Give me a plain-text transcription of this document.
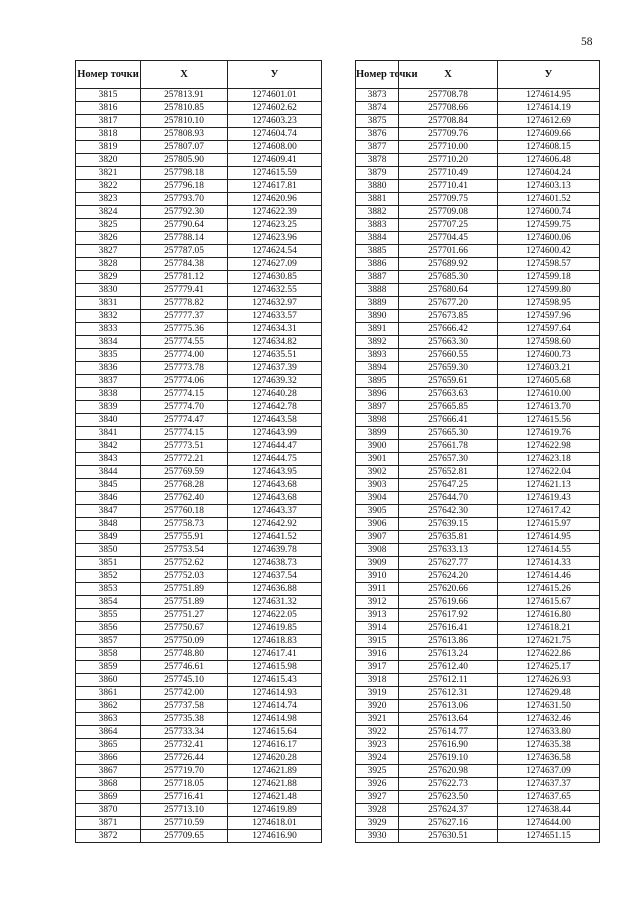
58
Номер точки	X	У
3815	257813.91	1274601.01
3816	257810.85	1274602.62
3817	257810.10	1274603.23
3818	257808.93	1274604.74
3819	257807.07	1274608.00
3820	257805.90	1274609.41
3821	257798.18	1274615.59
3822	257796.18	1274617.81
3823	257793.70	1274620.96
3824	257792.30	1274622.39
3825	257790.64	1274623.25
3826	257788.14	1274623.96
3827	257787.05	1274624.54
3828	257784.38	1274627.09
3829	257781.12	1274630.85
3830	257779.41	1274632.55
3831	257778.82	1274632.97
3832	257777.37	1274633.57
3833	257775.36	1274634.31
3834	257774.55	1274634.82
3835	257774.00	1274635.51
3836	257773.78	1274637.39
3837	257774.06	1274639.32
3838	257774.15	1274640.28
3839	257774.70	1274642.78
3840	257774.47	1274643.58
3841	257774.15	1274643.99
3842	257773.51	1274644.47
3843	257772.21	1274644.75
3844	257769.59	1274643.95
3845	257768.28	1274643.68
3846	257762.40	1274643.68
3847	257760.18	1274643.37
3848	257758.73	1274642.92
3849	257755.91	1274641.52
3850	257753.54	1274639.78
3851	257752.62	1274638.73
3852	257752.03	1274637.54
3853	257751.89	1274636.88
3854	257751.89	1274631.32
3855	257751.27	1274622.05
3856	257750.67	1274619.85
3857	257750.09	1274618.83
3858	257748.80	1274617.41
3859	257746.61	1274615.98
3860	257745.10	1274615.43
3861	257742.00	1274614.93
3862	257737.58	1274614.74
3863	257735.38	1274614.98
3864	257733.34	1274615.64
3865	257732.41	1274616.17
3866	257726.44	1274620.28
3867	257719.70	1274621.89
3868	257718.05	1274621.88
3869	257716.41	1274621.48
3870	257713.10	1274619.89
3871	257710.59	1274618.01
3872	257709.65	1274616.90
Номер точки	X	У
3873	257708.78	1274614.95
3874	257708.66	1274614.19
3875	257708.84	1274612.69
3876	257709.76	1274609.66
3877	257710.00	1274608.15
3878	257710.20	1274606.48
3879	257710.49	1274604.24
3880	257710.41	1274603.13
3881	257709.75	1274601.52
3882	257709.08	1274600.74
3883	257707.25	1274599.75
3884	257704.45	1274600.06
3885	257701.66	1274600.42
3886	257689.92	1274598.57
3887	257685.30	1274599.18
3888	257680.64	1274599.80
3889	257677.20	1274598.95
3890	257673.85	1274597.96
3891	257666.42	1274597.64
3892	257663.30	1274598.60
3893	257660.55	1274600.73
3894	257659.30	1274603.21
3895	257659.61	1274605.68
3896	257663.63	1274610.00
3897	257665.85	1274613.70
3898	257666.41	1274615.56
3899	257665.30	1274619.76
3900	257661.78	1274622.98
3901	257657.30	1274623.18
3902	257652.81	1274622.04
3903	257647.25	1274621.13
3904	257644.70	1274619.43
3905	257642.30	1274617.42
3906	257639.15	1274615.97
3907	257635.81	1274614.95
3908	257633.13	1274614.55
3909	257627.77	1274614.33
3910	257624.20	1274614.46
3911	257620.66	1274615.26
3912	257619.66	1274615.67
3913	257617.92	1274616.80
3914	257616.41	1274618.21
3915	257613.86	1274621.75
3916	257613.24	1274622.86
3917	257612.40	1274625.17
3918	257612.11	1274626.93
3919	257612.31	1274629.48
3920	257613.06	1274631.50
3921	257613.64	1274632.46
3922	257614.77	1274633.80
3923	257616.90	1274635.38
3924	257619.10	1274636.58
3925	257620.98	1274637.09
3926	257622.73	1274637.37
3927	257623.50	1274637.65
3928	257624.37	1274638.44
3929	257627.16	1274644.00
3930	257630.51	1274651.15
